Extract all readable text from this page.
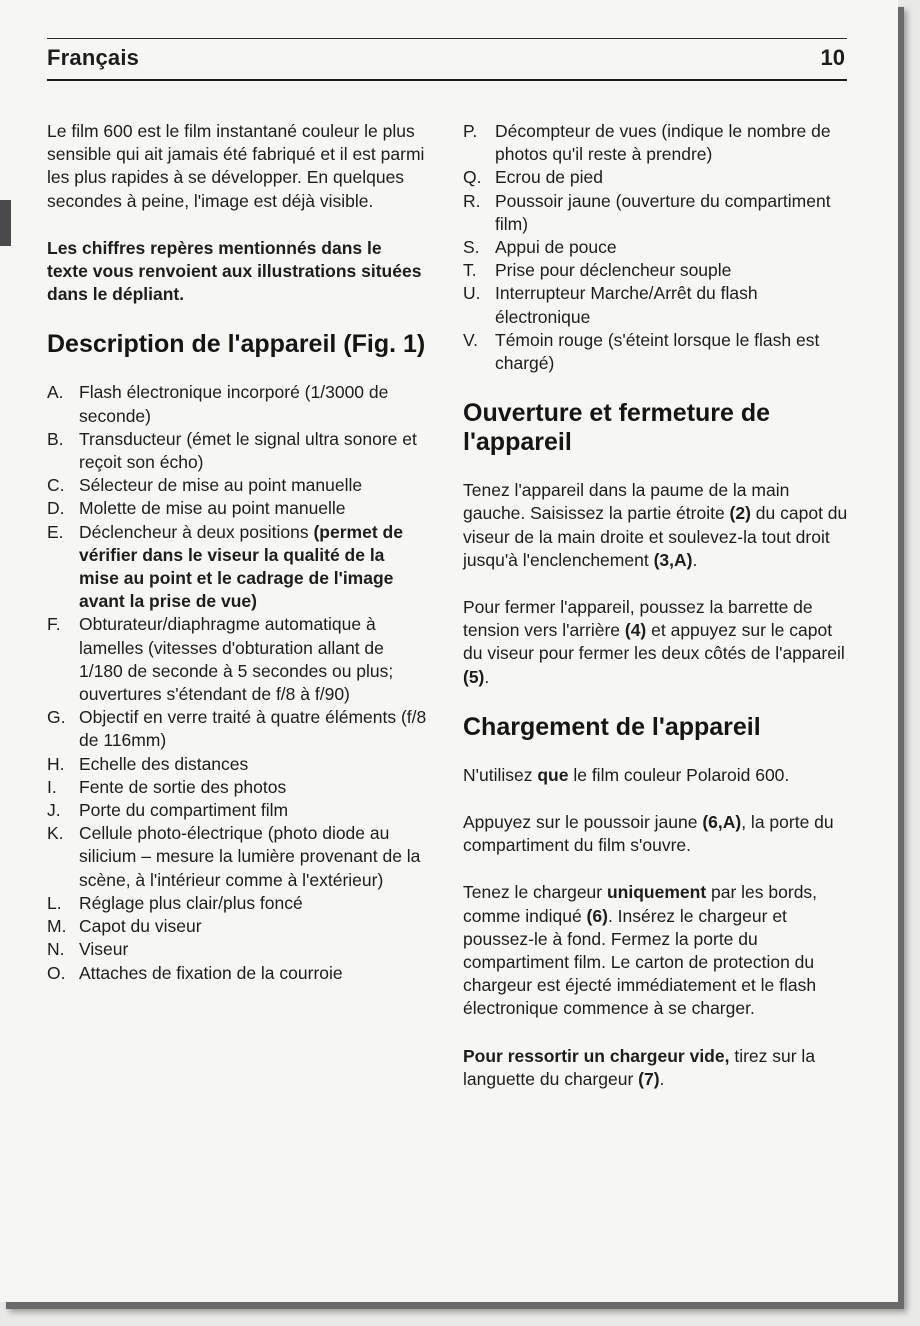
Français	10

Le film 600 est le film instantané couleur le plus sensible qui ait jamais été fabriqué et il est parmi les plus rapides à se développer. En quelques secondes à peine, l'image est déjà visible.

Les chiffres repères mentionnés dans le texte vous renvoient aux illustrations situées dans le dépliant.

Description de l'appareil (Fig. 1)
A. Flash électronique incorporé (1/3000 de seconde)
B. Transducteur (émet le signal ultra sonore et reçoit son écho)
C. Sélecteur de mise au point manuelle
D. Molette de mise au point manuelle
E. Déclencheur à deux positions (permet de vérifier dans le viseur la qualité de la mise au point et le cadrage de l'image avant la prise de vue)
F. Obturateur/diaphragme automatique à lamelles (vitesses d'obturation allant de 1/180 de seconde à 5 secondes ou plus; ouvertures s'étendant de f/8 à f/90)
G. Objectif en verre traité à quatre éléments (f/8 de 116mm)
H. Echelle des distances
I. Fente de sortie des photos
J. Porte du compartiment film
K. Cellule photo-électrique (photo diode au silicium – mesure la lumière provenant de la scène, à l'intérieur comme à l'extérieur)
L. Réglage plus clair/plus foncé
M. Capot du viseur
N. Viseur
O. Attaches de fixation de la courroie
P. Décompteur de vues (indique le nombre de photos qu'il reste à prendre)
Q. Ecrou de pied
R. Poussoir jaune (ouverture du compartiment film)
S. Appui de pouce
T. Prise pour déclencheur souple
U. Interrupteur Marche/Arrêt du flash électronique
V. Témoin rouge (s'éteint lorsque le flash est chargé)
Ouverture et fermeture de l'appareil

Tenez l'appareil dans la paume de la main gauche. Saisissez la partie étroite (2) du capot du viseur de la main droite et soulevez-la tout droit jusqu'à l'enclenchement (3,A).

Pour fermer l'appareil, poussez la barrette de tension vers l'arrière (4) et appuyez sur le capot du viseur pour fermer les deux côtés de l'appareil (5).

Chargement de l'appareil

N'utilisez que le film couleur Polaroid 600.

Appuyez sur le poussoir jaune (6,A), la porte du compartiment du film s'ouvre.

Tenez le chargeur uniquement par les bords, comme indiqué (6). Insérez le chargeur et poussez-le à fond. Fermez la porte du compartiment film. Le carton de protection du chargeur est éjecté immédiatement et le flash électronique commence à se charger.

Pour ressortir un chargeur vide, tirez sur la languette du chargeur (7).
